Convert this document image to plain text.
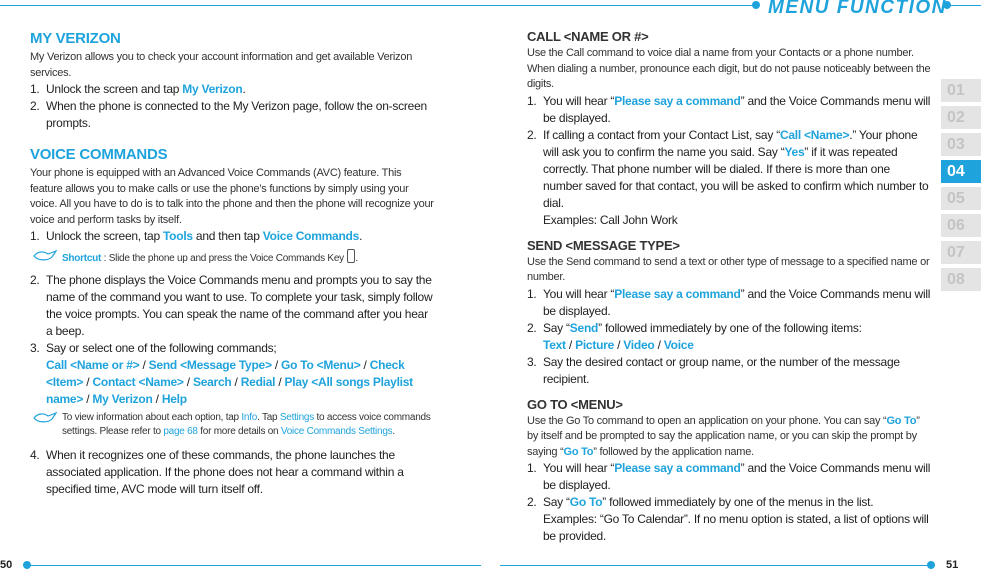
MENU FUNCTION
50	51
01
02
03
04
05
06
07
08
MY VERIZON

My Verizon allows you to check your account information and get available Verizon services.

1. Unlock the screen and tap My Verizon.
2. When the phone is connected to the My Verizon page, follow the on-screen prompts.
VOICE COMMANDS

Your phone is equipped with an Advanced Voice Commands (AVC) feature. This feature allows you to make calls or use the phone’s functions by simply using your voice. All you have to do is to talk into the phone and then the phone will recognize your voice and perform tasks by itself.

1. Unlock the screen, tap Tools and then tap Voice Commands.
Shortcut : Slide the phone up and press the Voice Commands Key .
2. The phone displays the Voice Commands menu and prompts you to say the name of the command you want to use. To complete your task, simply follow the voice prompts. You can speak the name of the command after you hear a beep.
3. Say or select one of the following commands;
Call <Name or #> / Send <Message Type> / Go To <Menu> / Check <Item> / Contact <Name> / Search / Redial / Play <All songs Playlist name> / My Verizon / Help
To view information about each option, tap Info. Tap Settings to access voice commands settings. Please refer to page 68 for more details on Voice Commands Settings.
4. When it recognizes one of these commands, the phone launches the associated application. If the phone does not hear a command within a specified time, AVC mode will turn itself off.
CALL <NAME OR #>

Use the Call command to voice dial a name from your Contacts or a phone number. When dialing a number, pronounce each digit, but do not pause noticeably between the digits.

1. You will hear “Please say a command” and the Voice Commands menu will be displayed.
2. If calling a contact from your Contact List, say “Call <Name>.” Your phone will ask you to confirm the name you said. Say “Yes” if it was repeated correctly. That phone number will be dialed. If there is more than one number saved for that contact, you will be asked to confirm which number to dial.
Examples: Call John Work
SEND <MESSAGE TYPE>

Use the Send command to send a text or other type of message to a specified name or number.

1. You will hear “Please say a command” and the Voice Commands menu will be displayed.
2. Say “Send” followed immediately by one of the following items:
Text / Picture / Video / Voice
3. Say the desired contact or group name, or the number of the message recipient.
GO TO <MENU>

Use the Go To command to open an application on your phone. You can say “Go To” by itself and be prompted to say the application name, or you can skip the prompt by saying “Go To” followed by the application name.

1. You will hear “Please say a command” and the Voice Commands menu will be displayed.
2. Say “Go To” followed immediately by one of the menus in the list.
Examples: “Go To Calendar”. If no menu option is stated, a list of options will be provided.
